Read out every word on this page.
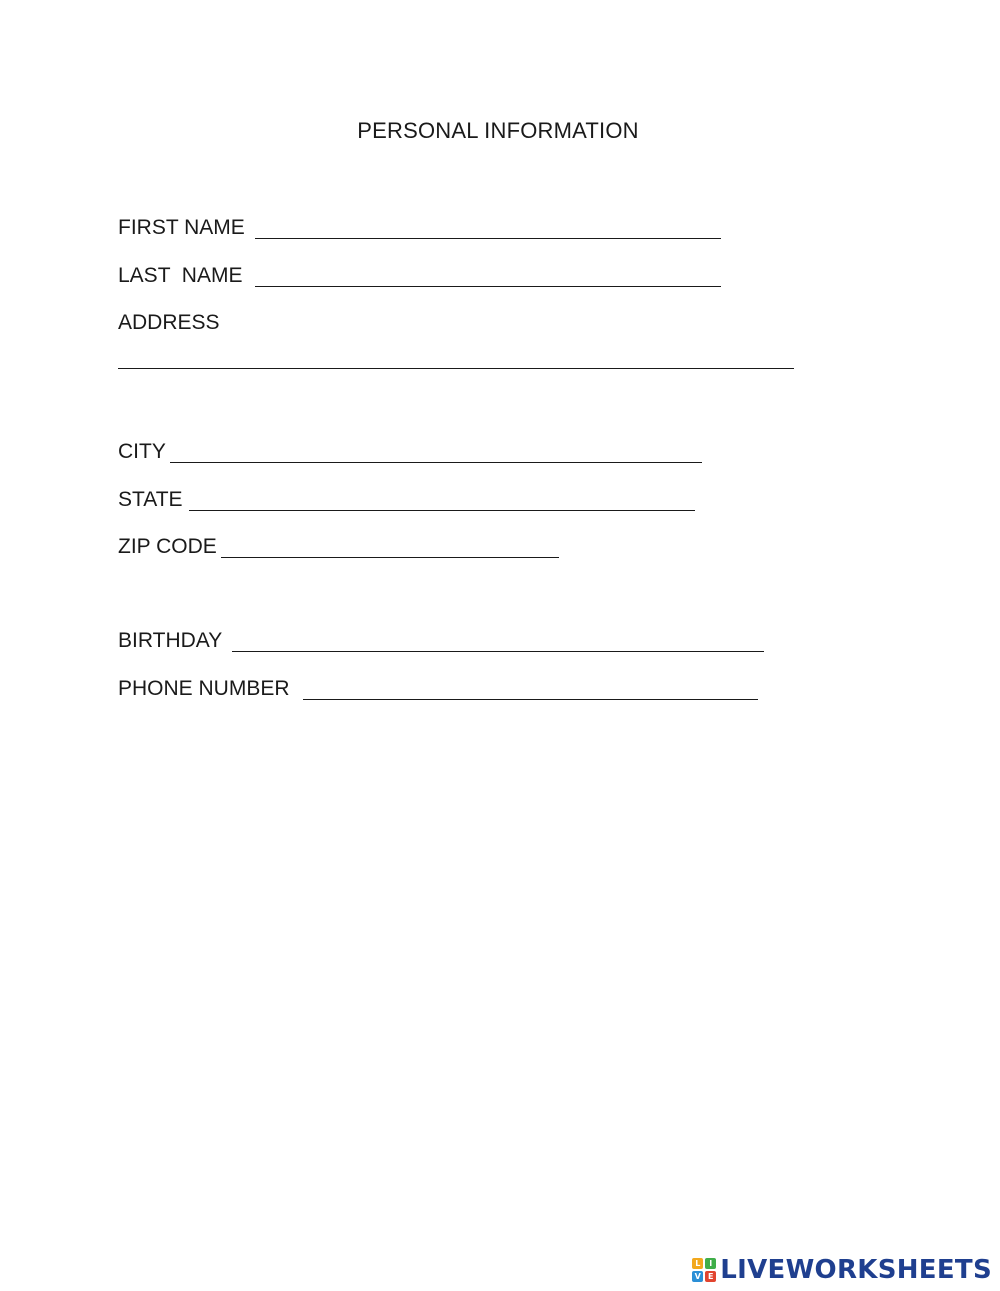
PERSONAL INFORMATION
FIRST NAME
LAST  NAME
ADDRESS
CITY
STATE
ZIP CODE
BIRTHDAY
PHONE NUMBER
L	I
V E LIVEWORKSHEETS
